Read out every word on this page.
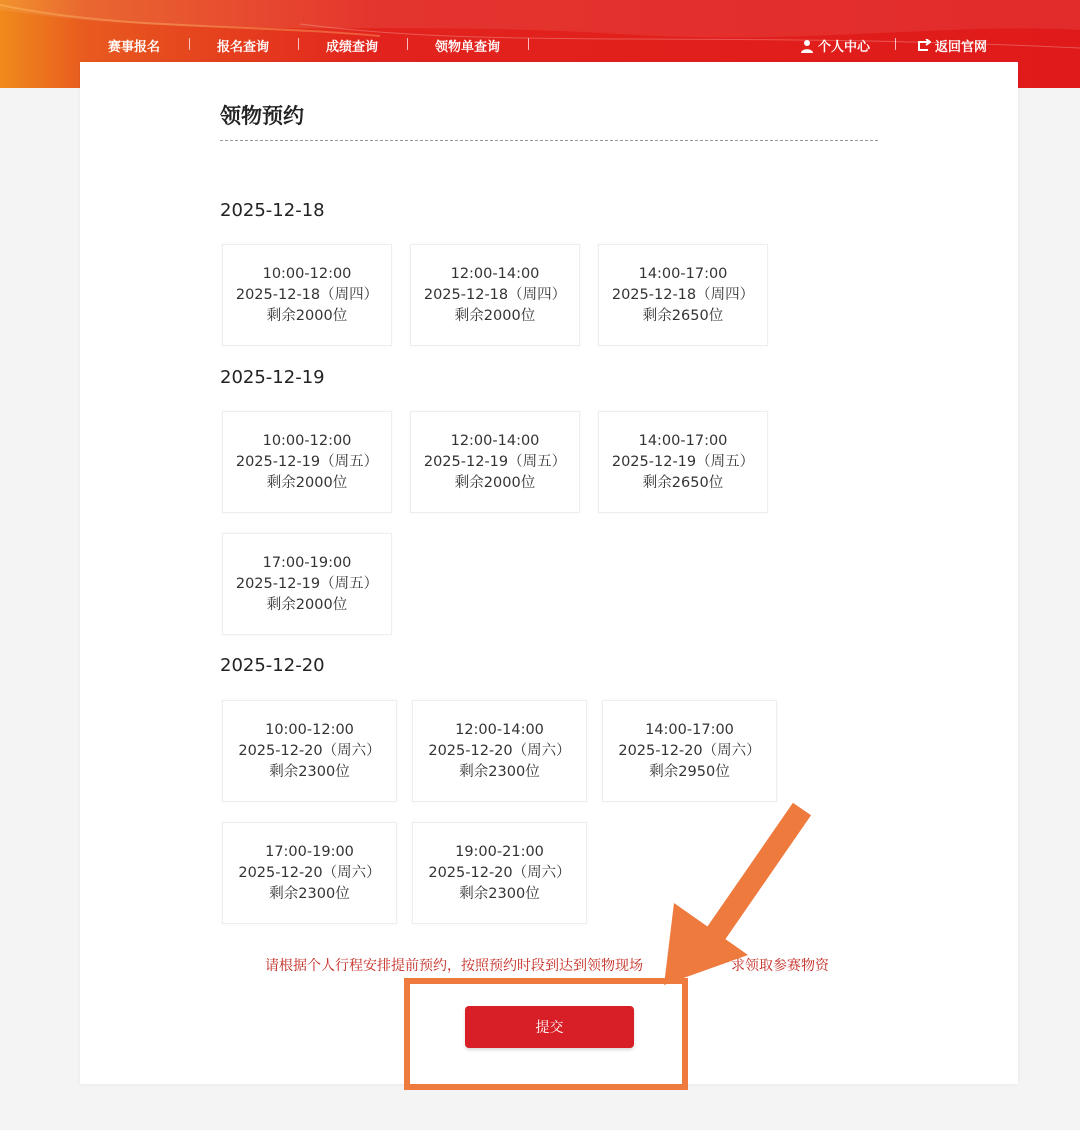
赛事报名	报名查询	成绩查询	领物单查询	个人中心	返回官网
领物预约
2025-12-18
10:00-12:00
2025-12-18（周四）
剩余2000位
12:00-14:00
2025-12-18（周四）
剩余2000位
14:00-17:00
2025-12-18（周四）
剩余2650位
2025-12-19
10:00-12:00
2025-12-19（周五）
剩余2000位
12:00-14:00
2025-12-19（周五）
剩余2000位
14:00-17:00
2025-12-19（周五）
剩余2650位
17:00-19:00
2025-12-19（周五）
剩余2000位
2025-12-20
10:00-12:00
2025-12-20（周六）
剩余2300位
12:00-14:00
2025-12-20（周六）
剩余2300位
14:00-17:00
2025-12-20（周六）
剩余2950位
17:00-19:00
2025-12-20（周六）
剩余2300位
19:00-21:00
2025-12-20（周六）
剩余2300位
请根据个人行程安排提前预约，按照预约时段到达到领物现场	求领取参赛物资
提交
